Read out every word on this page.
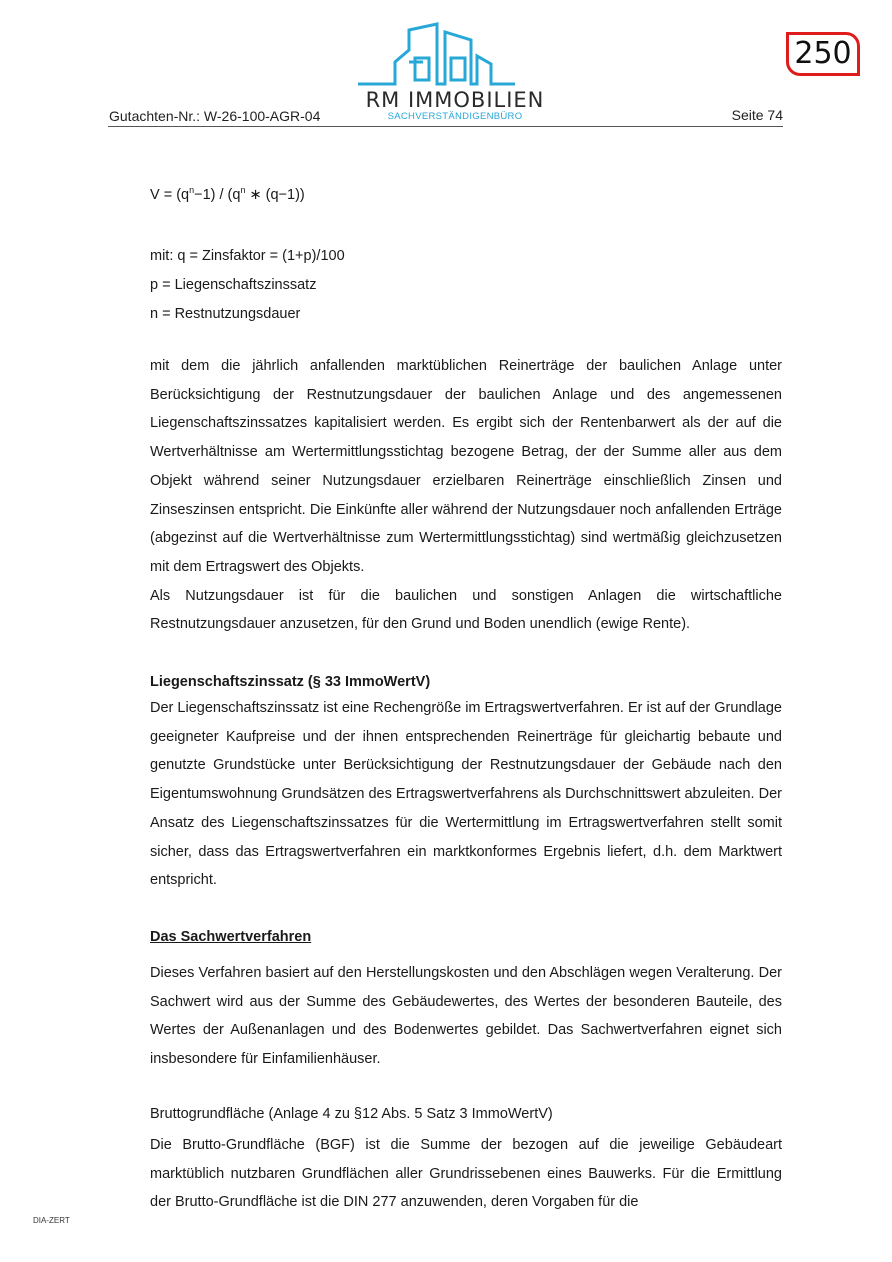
250
RM IMMOBILIEN
SACHVERSTÄNDIGENBÜRO
Gutachten-Nr.: W-26-100-AGR-04	Seite 74
$V = (q^n-1) / (q^n$ ∗ (q−1))
mit: q = Zinsfaktor = (1+p)/100
p = Liegenschaftszinssatz
n = Restnutzungsdauer

mit dem die jährlich anfallenden marktüblichen Reinerträge der baulichen Anlage unter Berücksichtigung der Restnutzungsdauer der baulichen Anlage und des angemessenen Liegenschaftszinssatzes kapitalisiert werden. Es ergibt sich der Rentenbarwert als der auf die Wertverhältnisse am Wertermittlungsstichtag bezogene Betrag, der der Summe aller aus dem Objekt während seiner Nutzungsdauer erzielbaren Reinerträge einschließlich Zinsen und Zinseszinsen entspricht. Die Einkünfte aller während der Nutzungsdauer noch anfallenden Erträge (abgezinst auf die Wertverhältnisse zum Wertermittlungsstichtag) sind wertmäßig gleichzusetzen mit dem Ertragswert des Objekts.

Als Nutzungsdauer ist für die baulichen und sonstigen Anlagen die wirtschaftliche Restnutzungsdauer anzusetzen, für den Grund und Boden unendlich (ewige Rente).

Liegenschaftszinssatz (§ 33 ImmoWertV)

Der Liegenschaftszinssatz ist eine Rechengröße im Ertragswertverfahren. Er ist auf der Grundlage geeigneter Kaufpreise und der ihnen entsprechenden Reinerträge für gleichartig bebaute und genutzte Grundstücke unter Berücksichtigung der Restnutzungsdauer der Gebäude nach den Eigentumswohnung Grundsätzen des Ertragswertverfahrens als Durchschnittswert abzuleiten. Der Ansatz des Liegenschaftszinssatzes für die Wertermittlung im Ertragswertverfahren stellt somit sicher, dass das Ertragswertverfahren ein marktkonformes Ergebnis liefert, d.h. dem Marktwert entspricht.

Das Sachwertverfahren

Dieses Verfahren basiert auf den Herstellungskosten und den Abschlägen wegen Veralterung. Der Sachwert wird aus der Summe des Gebäudewertes, des Wertes der besonderen Bauteile, des Wertes der Außenanlagen und des Bodenwertes gebildet. Das Sachwertverfahren eignet sich insbesondere für Einfamilienhäuser.

Bruttogrundfläche (Anlage 4 zu §12 Abs. 5 Satz 3 ImmoWertV)

Die Brutto-Grundfläche (BGF) ist die Summe der bezogen auf die jeweilige Gebäudeart marktüblich nutzbaren Grundflächen aller Grundrissebenen eines Bauwerks. Für die Ermittlung der Brutto-Grundfläche ist die DIN 277 anzuwenden, deren Vorgaben für die

DIA-ZERT
